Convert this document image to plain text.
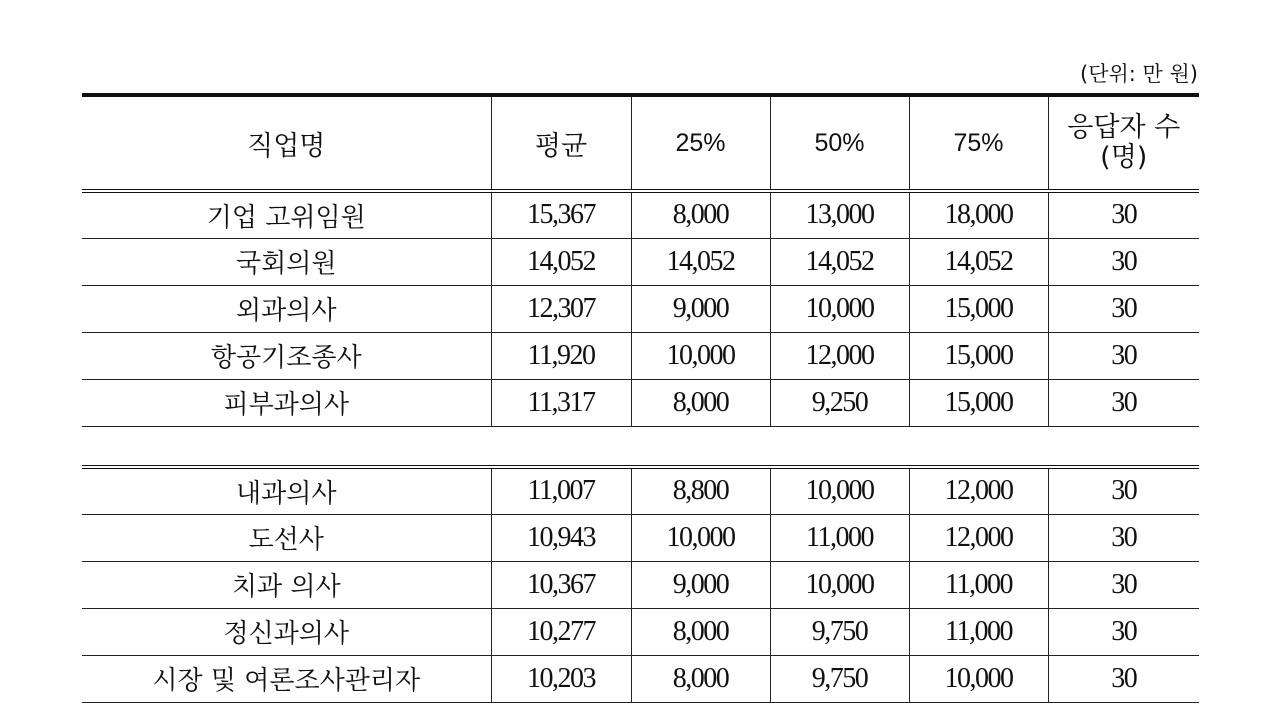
(단위: 만 원)
직업명	평균	25%	50%	75%	응답자 수
(명)

기업 고위임원	15,367	8,000	13,000	18,000	30
국회의원	14,052	14,052	14,052	14,052	30
외과의사	12,307	9,000	10,000	15,000	30
항공기조종사	11,920	10,000	12,000	15,000	30
피부과의사	11,317	8,000	9,250	15,000	30
내과의사	11,007	8,800	10,000	12,000	30
도선사	10,943	10,000	11,000	12,000	30
치과 의사	10,367	9,000	10,000	11,000	30
정신과의사	10,277	8,000	9,750	11,000	30
시장 및 여론조사관리자	10,203	8,000	9,750	10,000	30
